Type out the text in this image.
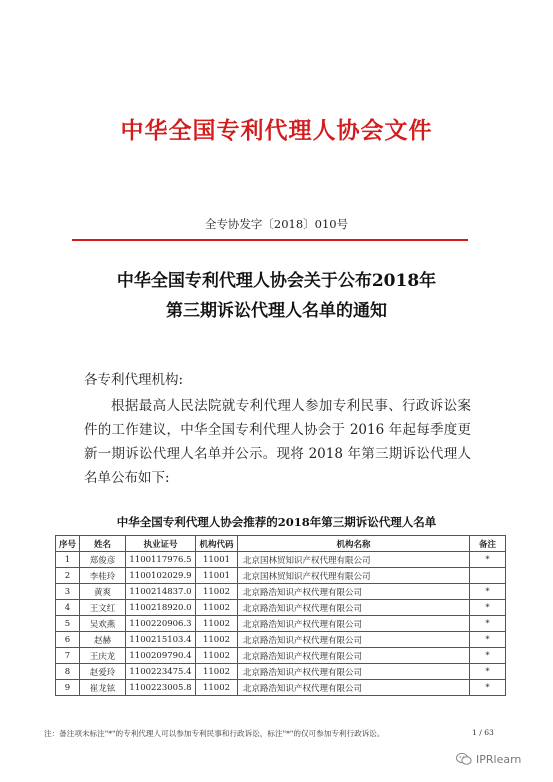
中华全国专利代理人协会文件
全专协发字〔2018〕010号
中华全国专利代理人协会关于公布2018年
第三期诉讼代理人名单的通知
各专利代理机构:

根据最高人民法院就专利代理人参加专利民事、行政诉讼案件的工作建议，中华全国专利代理人协会于 2016 年起每季度更新一期诉讼代理人名单并公示。现将 2018 年第三期诉讼代理人名单公布如下:

中华全国专利代理人协会推荐的2018年第三期诉讼代理人名单
序号	姓名	执业证号	机构代码	机构名称	备注
1	郑俊彦	1100117976.5	11001	北京国林贸知识产权代理有限公司	*
2	李桂玲	1100102029.9	11001	北京国林贸知识产权代理有限公司	
3	黄爽	1100214837.0	11002	北京路浩知识产权代理有限公司	*
4	王文红	1100218920.0	11002	北京路浩知识产权代理有限公司	*
5	吴欢燕	1100220906.3	11002	北京路浩知识产权代理有限公司	*
6	赵赫	1100215103.4	11002	北京路浩知识产权代理有限公司	*
7	王庆龙	1100209790.4	11002	北京路浩知识产权代理有限公司	*
8	赵爱玲	1100223475.4	11002	北京路浩知识产权代理有限公司	*
9	崔龙铉	1100223005.8	11002	北京路浩知识产权代理有限公司	*
注：备注项未标注"*"的专利代理人可以参加专利民事和行政诉讼，标注"*"的仅可参加专利行政诉讼。	1 / 63
IPRlearn
